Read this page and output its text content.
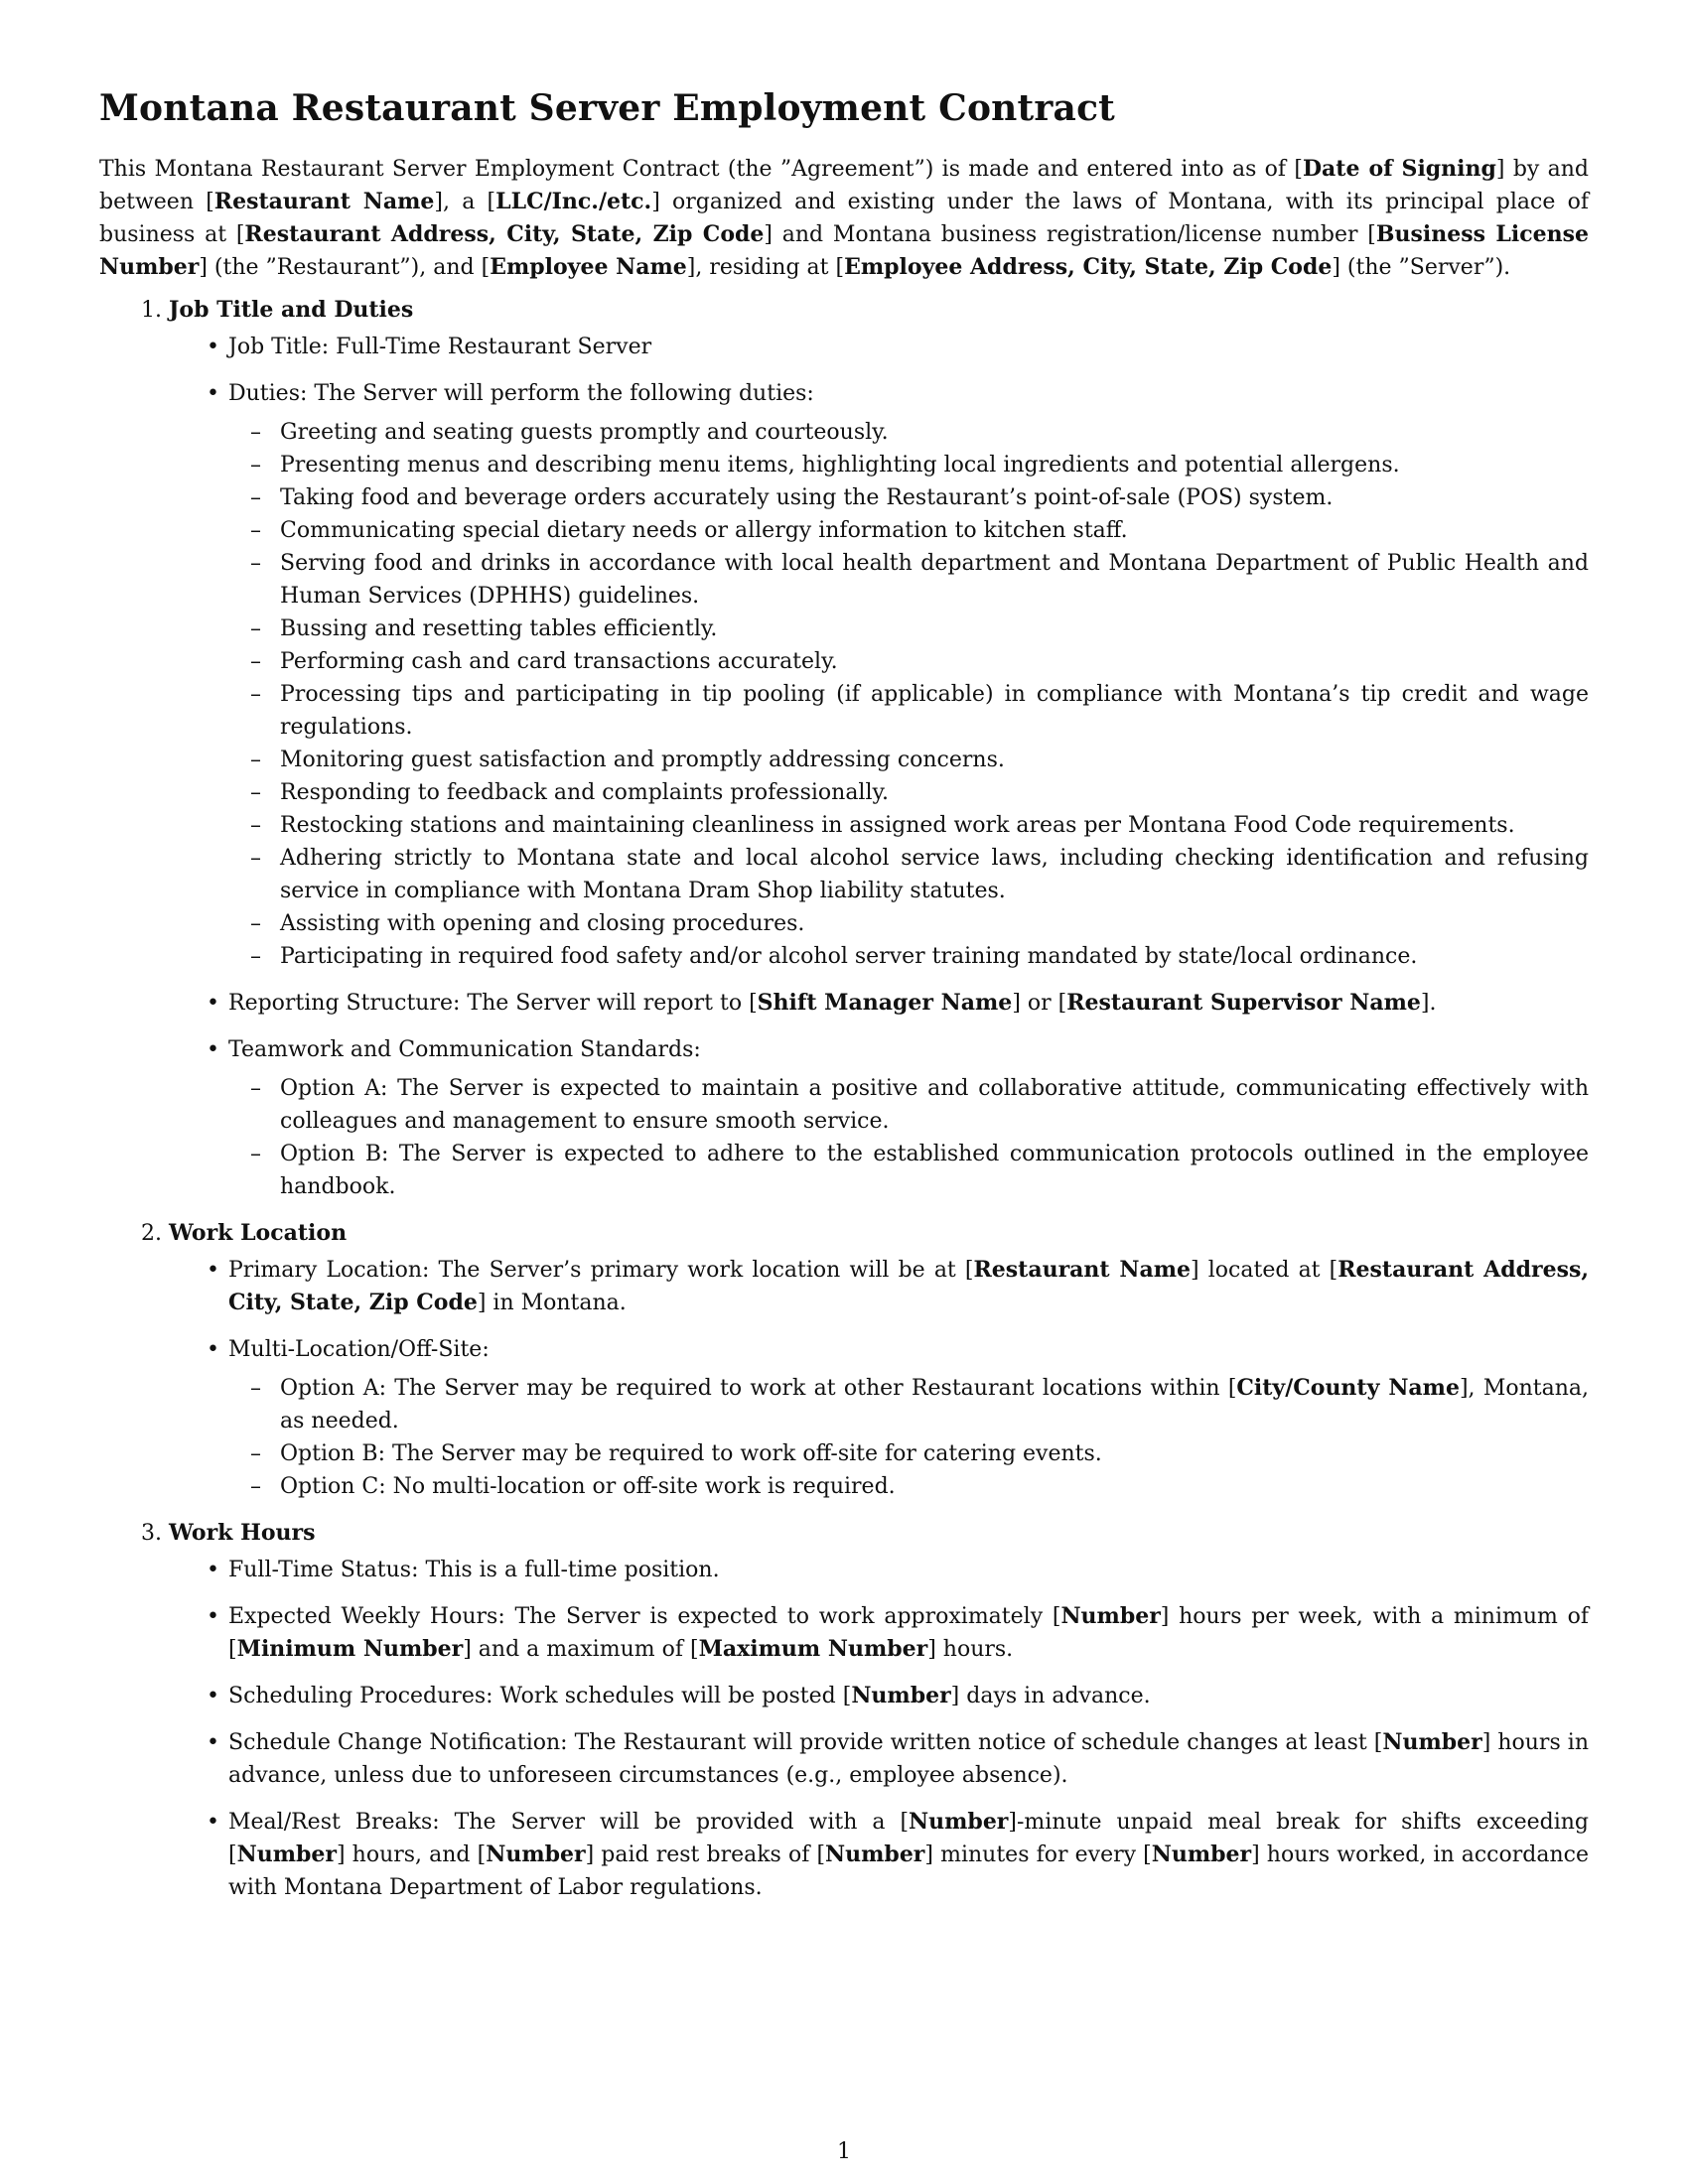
Montana Restaurant Server Employment Contract

This Montana Restaurant Server Employment Contract (the ”Agreement”) is made and entered into as of [Date of Signing] by and between [Restaurant Name], a [LLC/Inc./etc.] organized and existing under the laws of Montana, with its principal place of business at [Restaurant Address, City, State, Zip Code] and Montana business registration/license number [Business License Number] (the ”Restaurant”), and [Employee Name], residing at [Employee Address, City, State, Zip Code] (the ”Server”).

1. Job Title and Duties
• Job Title: Full-Time Restaurant Server
• Duties: The Server will perform the following duties:
– Greeting and seating guests promptly and courteously.
– Presenting menus and describing menu items, highlighting local ingredients and potential allergens.
– Taking food and beverage orders accurately using the Restaurant’s point-of-sale (POS) system.
– Communicating special dietary needs or allergy information to kitchen staff.
– Serving food and drinks in accordance with local health department and Montana Department of Public Health and Human Services (DPHHS) guidelines.
– Bussing and resetting tables efficiently.
– Performing cash and card transactions accurately.
– Processing tips and participating in tip pooling (if applicable) in compliance with Montana’s tip credit and wage regulations.
– Monitoring guest satisfaction and promptly addressing concerns.
– Responding to feedback and complaints professionally.
– Restocking stations and maintaining cleanliness in assigned work areas per Montana Food Code requirements.
– Adhering strictly to Montana state and local alcohol service laws, including checking identification and refusing service in compliance with Montana Dram Shop liability statutes.
– Assisting with opening and closing procedures.
– Participating in required food safety and/or alcohol server training mandated by state/local ordinance.
• Reporting Structure: The Server will report to [Shift Manager Name] or [Restaurant Supervisor Name].
• Teamwork and Communication Standards:
– Option A: The Server is expected to maintain a positive and collaborative attitude, communicating effectively with colleagues and management to ensure smooth service.
– Option B: The Server is expected to adhere to the established communication protocols outlined in the employee handbook.
2. Work Location
• Primary Location: The Server’s primary work location will be at [Restaurant Name] located at [Restaurant Address, City, State, Zip Code] in Montana.
• Multi-Location/Off-Site:
– Option A: The Server may be required to work at other Restaurant locations within [City/County Name], Montana, as needed.
– Option B: The Server may be required to work off-site for catering events.
– Option C: No multi-location or off-site work is required.
3. Work Hours
• Full-Time Status: This is a full-time position.
• Expected Weekly Hours: The Server is expected to work approximately [Number] hours per week, with a minimum of [Minimum Number] and a maximum of [Maximum Number] hours.
• Scheduling Procedures: Work schedules will be posted [Number] days in advance.
• Schedule Change Notification: The Restaurant will provide written notice of schedule changes at least [Number] hours in advance, unless due to unforeseen circumstances (e.g., employee absence).
• Meal/Rest Breaks: The Server will be provided with a [Number]-minute unpaid meal break for shifts exceeding [Number] hours, and [Number] paid rest breaks of [Number] minutes for every [Number] hours worked, in accordance with Montana Department of Labor regulations.
1
